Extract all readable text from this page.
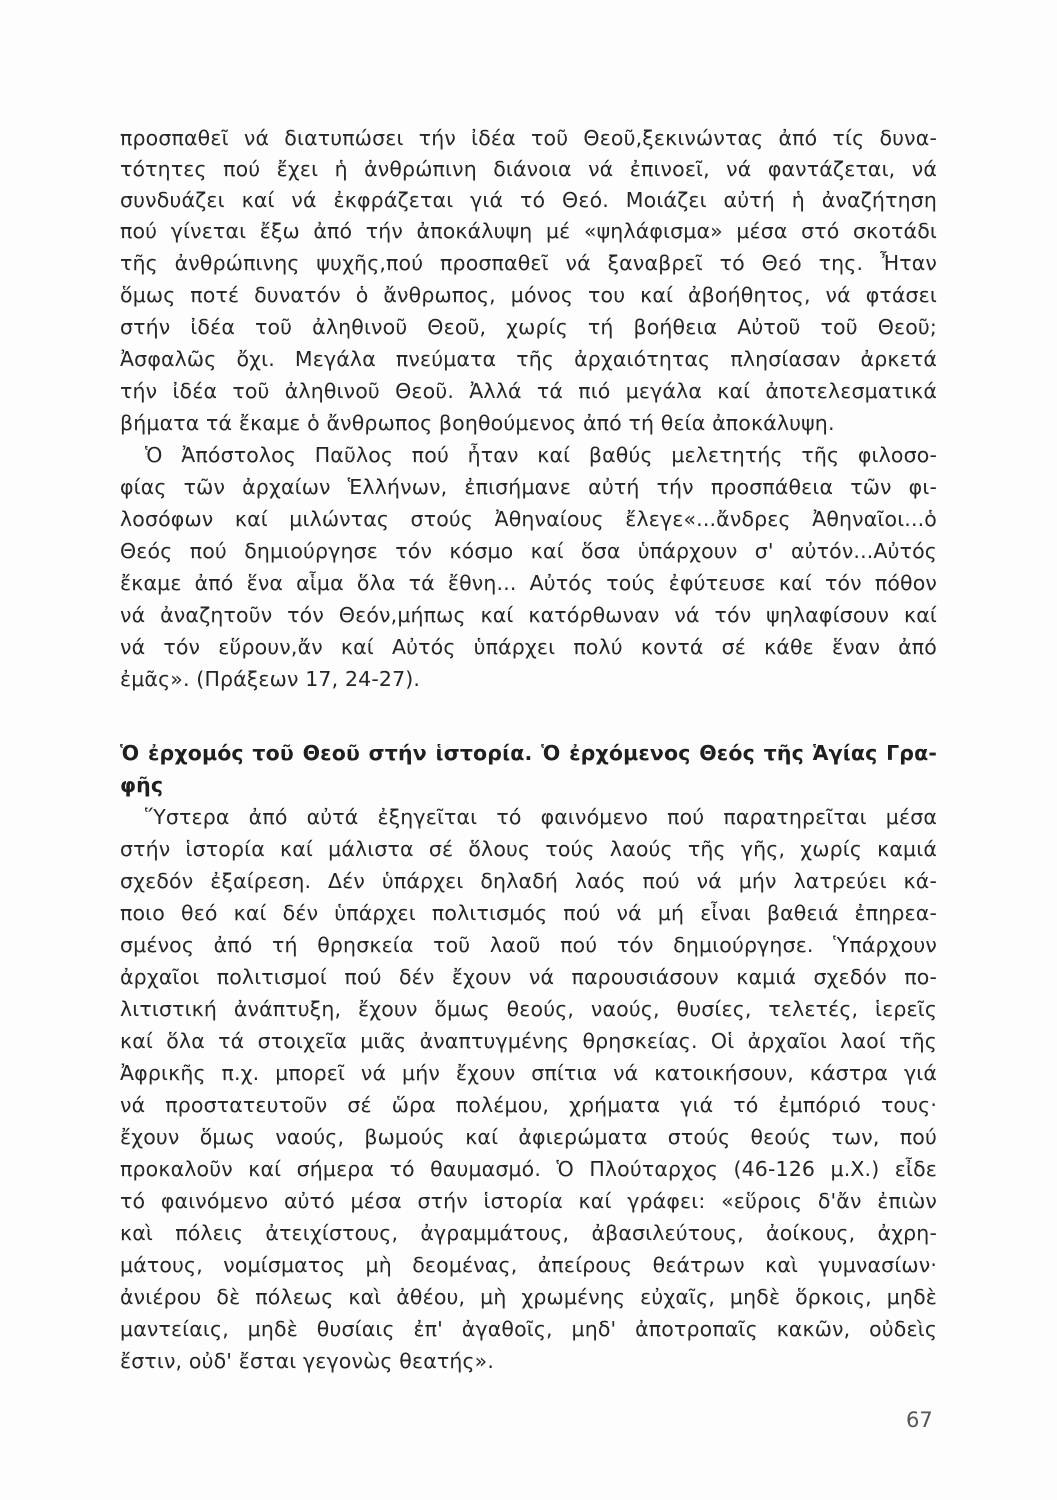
προσπαθεῖ νά διατυπώσει τήν ἰδέα τοῦ Θεοῦ,ξεκινώντας ἀπό τίς δυνα-
τότητες πού ἔχει ἡ ἀνθρώπινη διάνοια νά ἐπινοεῖ, νά φαντάζεται, νά
συνδυάζει καί νά ἐκφράζεται γιά τό Θεό. Μοιάζει αὐτή ἡ ἀναζήτηση
πού γίνεται ἔξω ἀπό τήν ἀποκάλυψη μέ «ψηλάφισμα» μέσα στό σκοτάδι
τῆς ἀνθρώπινης ψυχῆς,πού προσπαθεῖ νά ξαναβρεῖ τό Θεό της. Ἦταν
ὅμως ποτέ δυνατόν ὁ ἄνθρωπος, μόνος του καί ἀβοήθητος, νά φτάσει
στήν ἰδέα τοῦ ἀληθινοῦ Θεοῦ, χωρίς τή βοήθεια Αὐτοῦ τοῦ Θεοῦ;
Ἀσφαλῶς ὄχι. Μεγάλα πνεύματα τῆς ἀρχαιότητας πλησίασαν ἀρκετά
τήν ἰδέα τοῦ ἀληθινοῦ Θεοῦ. Ἀλλά τά πιό μεγάλα καί ἀποτελεσματικά
βήματα τά ἔκαμε ὁ ἄνθρωπος βοηθούμενος ἀπό τή θεία ἀποκάλυψη.
Ὁ Ἀπόστολος Παῦλος πού ἦταν καί βαθύς μελετητής τῆς φιλοσο-
φίας τῶν ἀρχαίων Ἑλλήνων, ἐπισήμανε αὐτή τήν προσπάθεια τῶν φι-
λοσόφων καί μιλώντας στούς Ἀθηναίους ἔλεγε«...ἄνδρες Ἀθηναῖοι...ὁ
Θεός πού δημιούργησε τόν κόσμο καί ὅσα ὑπάρχουν σ' αὐτόν...Αὐτός
ἔκαμε ἀπό ἕνα αἷμα ὅλα τά ἔθνη... Αὐτός τούς ἐφύτευσε καί τόν πόθον
νά ἀναζητοῦν τόν Θεόν,μήπως καί κατόρθωναν νά τόν ψηλαφίσουν καί
νά τόν εὕρουν,ἄν καί Αὐτός ὑπάρχει πολύ κοντά σέ κάθε ἕναν ἀπό
ἐμᾶς». (Πράξεων 17, 24-27).
Ὁ ἐρχομός τοῦ Θεοῦ στήν ἱστορία. Ὁ ἐρχόμενος Θεός τῆς Ἁγίας Γρα-
φῆς
Ὕστερα ἀπό αὐτά ἐξηγεῖται τό φαινόμενο πού παρατηρεῖται μέσα
στήν ἱστορία καί μάλιστα σέ ὅλους τούς λαούς τῆς γῆς, χωρίς καμιά
σχεδόν ἐξαίρεση. Δέν ὑπάρχει δηλαδή λαός πού νά μήν λατρεύει κά-
ποιο θεό καί δέν ὑπάρχει πολιτισμός πού νά μή εἶναι βαθειά ἐπηρεα-
σμένος ἀπό τή θρησκεία τοῦ λαοῦ πού τόν δημιούργησε. Ὑπάρχουν
ἀρχαῖοι πολιτισμοί πού δέν ἔχουν νά παρουσιάσουν καμιά σχεδόν πο-
λιτιστική ἀνάπτυξη, ἔχουν ὅμως θεούς, ναούς, θυσίες, τελετές, ἱερεῖς
καί ὅλα τά στοιχεῖα μιᾶς ἀναπτυγμένης θρησκείας. Οἱ ἀρχαῖοι λαοί τῆς
Ἀφρικῆς π.χ. μπορεῖ νά μήν ἔχουν σπίτια νά κατοικήσουν, κάστρα γιά
νά προστατευτοῦν σέ ὥρα πολέμου, χρήματα γιά τό ἐμπόριό τους·
ἔχουν ὅμως ναούς, βωμούς καί ἀφιερώματα στούς θεούς των, πού
προκαλοῦν καί σήμερα τό θαυμασμό. Ὁ Πλούταρχος (46-126 μ.Χ.) εἶδε
τό φαινόμενο αὐτό μέσα στήν ἱστορία καί γράφει: «εὕροις δ'ἄν ἐπιὼν
καὶ πόλεις ἀτειχίστους, ἀγραμμάτους, ἀβασιλεύτους, ἀοίκους, ἀχρη-
μάτους, νομίσματος μὴ δεομένας, ἀπείρους θεάτρων καὶ γυμνασίων·
ἀνιέρου δὲ πόλεως καὶ ἀθέου, μὴ χρωμένης εὐχαῖς, μηδὲ ὅρκοις, μηδὲ
μαντείαις, μηδὲ θυσίαις ἐπ' ἀγαθοῖς, μηδ' ἀποτροπαῖς κακῶν, οὐδεὶς
ἔστιν, οὐδ' ἔσται γεγονὼς θεατής».
67
